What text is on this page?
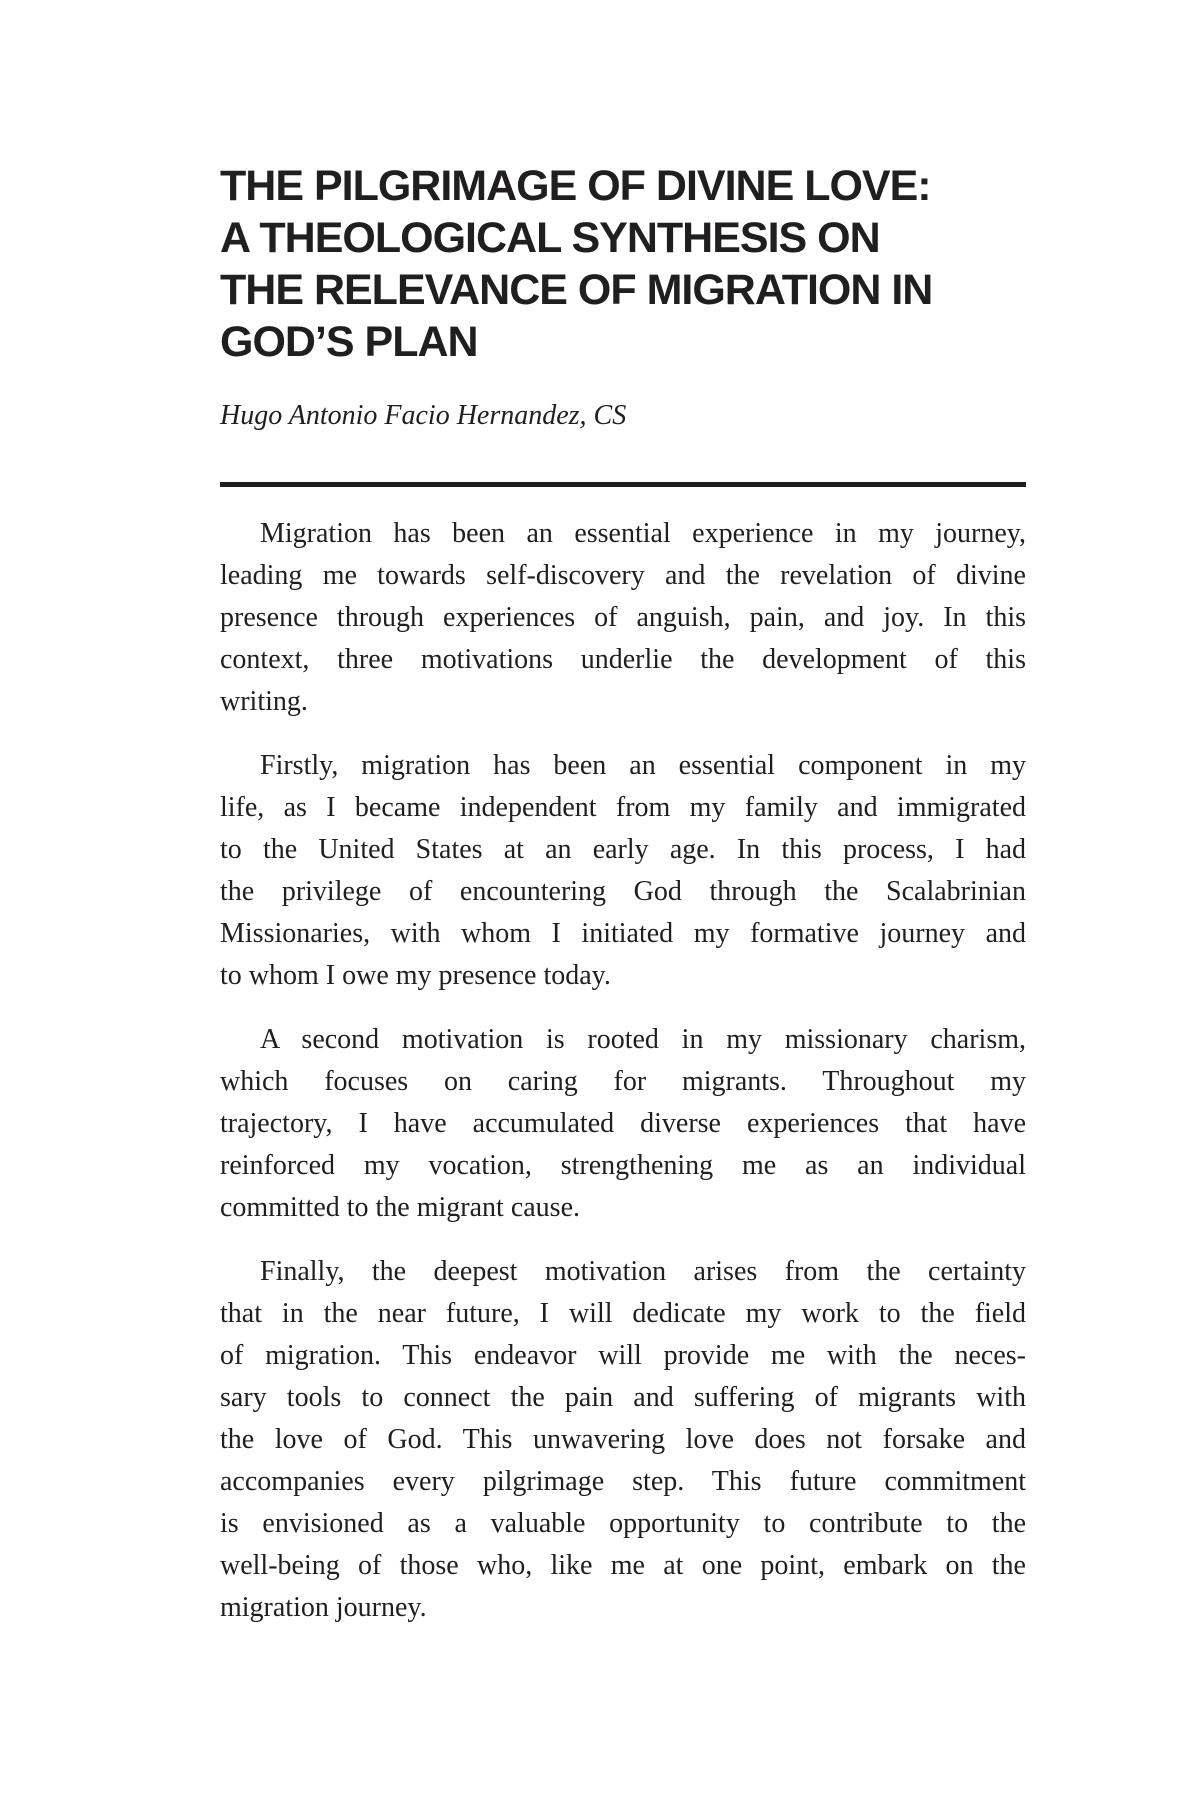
THE PILGRIMAGE OF DIVINE LOVE:
A THEOLOGICAL SYNTHESIS ON
THE RELEVANCE OF MIGRATION IN
GOD’S PLAN
Hugo Antonio Facio Hernandez, CS

Migration has been an essential experience in my journey,
leading me towards self-discovery and the revelation of divine
presence through experiences of anguish, pain, and joy. In this
context, three motivations underlie the development of this
writing.

Firstly, migration has been an essential component in my
life, as I became independent from my family and immigrated
to the United States at an early age. In this process, I had
the privilege of encountering God through the Scalabrinian
Missionaries, with whom I initiated my formative journey and
to whom I owe my presence today.

A second motivation is rooted in my missionary charism,
which focuses on caring for migrants. Throughout my
trajectory, I have accumulated diverse experiences that have
reinforced my vocation, strengthening me as an individual
committed to the migrant cause.

Finally, the deepest motivation arises from the certainty
that in the near future, I will dedicate my work to the field
of migration. This endeavor will provide me with the neces-
sary tools to connect the pain and suffering of migrants with
the love of God. This unwavering love does not forsake and
accompanies every pilgrimage step. This future commitment
is envisioned as a valuable opportunity to contribute to the
well-being of those who, like me at one point, embark on the
migration journey.
